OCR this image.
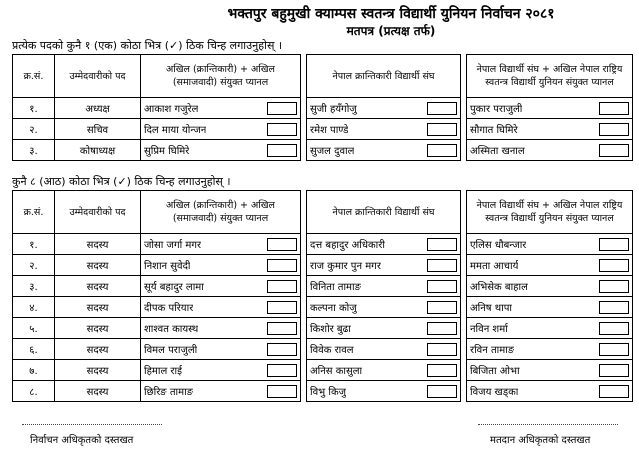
भक्तपुर बहुमुखी क्याम्पस स्वतन्त्र विद्यार्थी युनियन निर्वाचन २०८१
मतपत्र (प्रत्यक्ष तर्फ)
प्रत्येक पदको कुनै १ (एक) कोठा भित्र (✓) ठिक चिन्ह लगाउनुहोस् ।
क्र.सं.	उम्मेदवारीको पद	अखिल (क्रान्तिकारी) + अखिल (समाजवादी) संयुक्त प्यानल		नेपाल क्रान्तिकारी विद्यार्थी संघ		नेपाल विद्यार्थी संघ + अखिल नेपाल राष्ट्रिय स्वतन्त्र विद्यार्थी युनियन संयुक्त प्यानल
१.	अध्यक्ष	आकाश गजुरेल		सुजी हयँगोजु		पुकार पराजुली

२.	सचिव	दिल माया योन्जन		रमेश पाण्डे		सौगात घिमिरे

३.	कोषाध्यक्ष	सुप्रिम घिमिरे		सुजल दुवाल		अस्मिता खनाल
कुनै ८ (आठ) कोठा भित्र (✓) ठिक चिन्ह लगाउनुहोस् ।
क्र.सं.	उम्मेदवारीको पद	अखिल (क्रान्तिकारी) + अखिल (समाजवादी) संयुक्त प्यानल		नेपाल क्रान्तिकारी विद्यार्थी संघ		नेपाल विद्यार्थी संघ + अखिल नेपाल राष्ट्रिय स्वतन्त्र विद्यार्थी युनियन संयुक्त प्यानल
१.	सदस्य	जोसा जर्गा मगर		दत्त बहादुर अधिकारी		एलिस धौबन्जार

२.	सदस्य	निशान सुवेदी		राज कुमार पुन मगर		ममता आचार्य

३.	सदस्य	सूर्य बहादुर लामा		विनिता तामाङ		अभिसेक बाहाल

४.	सदस्य	दीपक परियार		कल्पना कोजु		अनिष थापा

५.	सदस्य	शाश्वत कायस्थ		किशोर बुढा		नविन शर्मा

६.	सदस्य	विमल पराजुली		विवेक रावल		रविन तामाङ

७.	सदस्य	हिमाल राई		अनिस कासुला		बिजिता ओभा

८.	सदस्य	छिरिङ तामाङ		विभु किजु		विजय खड्का
निर्वाचन अधिकृतको दस्तखत	मतदान अधिकृतको दस्तखत
